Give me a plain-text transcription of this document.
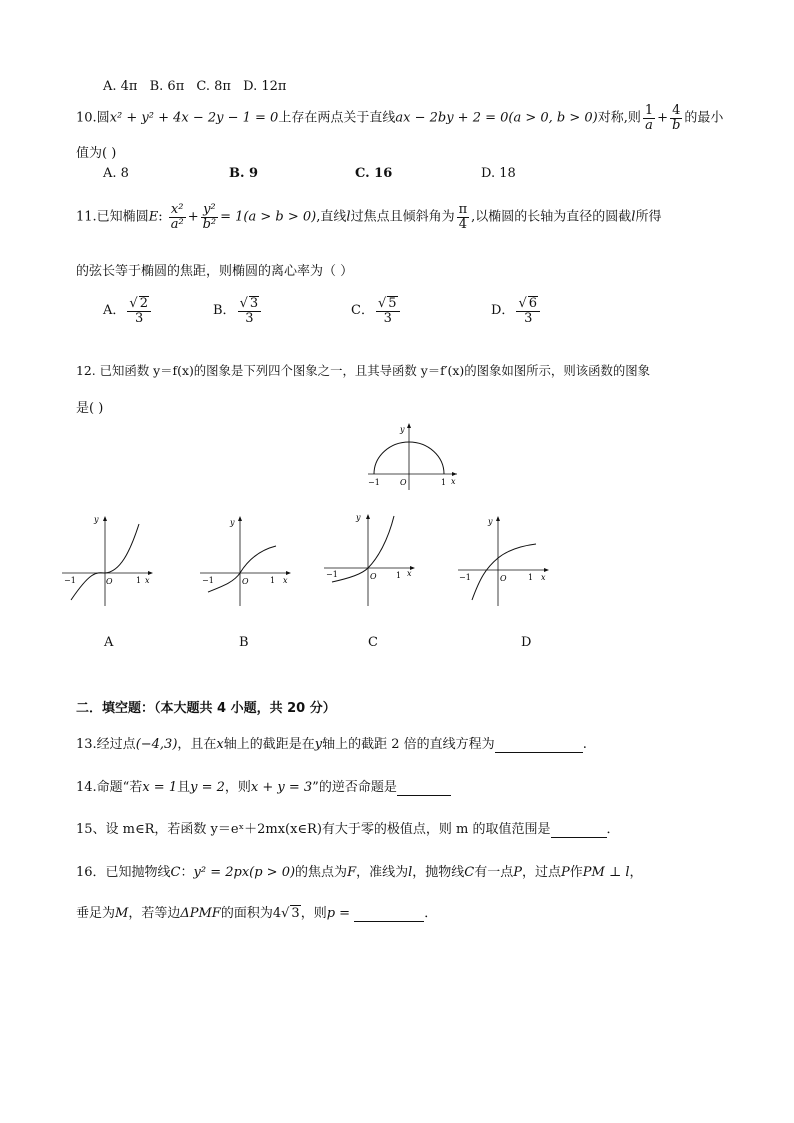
A. 4π B. 6π C. 8π D. 12π
10.圆x² + y² + 4x − 2y − 1 = 0上存在两点关于直线ax − 2by + 2 = 0(a > 0, b > 0)对称,则 $\frac{1}{a} + \frac{4}{b}$ 的最小
值为( )
A. 8	B. 9	C. 16	D. 18
11.已知椭圆E: $\frac{\text{x²}}{\text{a²}} + \frac{\text{y²}}{\text{b²}} = 1(a > b > 0)$,直线l过焦点且倾斜角为 $\frac{\pi}{4}$ ,以椭圆的长轴为直径的圆截l所得
的弦长等于椭圆的焦距，则椭圆的离心率为（ ）
A． $\frac{√ 2}{3}$	B． $\frac{√ 3}{3}$	C． $\frac{√ 5}{3}$	D． $\frac{√ 6}{3}$
12. 已知函数 y＝f(x)的图象是下列四个图象之一，且其导函数 y＝f′(x)的图象如图所示，则该函数的图象
是( )
y
x
O
−1	1
y
x
O
−1	1
y
x
O
−1	1
y
x
O
−1	1
y
x
O
−1	1
A	B	C	D
二．填空题：（本大题共 4 小题，共 20 分）
13.经过点(−4,3)，且在x轴上的截距是在y轴上的截距 2 倍的直线方程为	.
14.命题“若x = 1且y = 2，则x + y = 3”的逆否命题是
15、设 m∈R，若函数 y＝eˣ＋2mx(x∈R)有大于零的极值点，则 m 的取值范围是	．
16．已知抛物线C：y² = 2px(p > 0)的焦点为F，准线为l，抛物线C有一点P，过点P作PM ⊥ l，
垂足为M，若等边ΔPMF的面积为4√ 3，则p =	．
